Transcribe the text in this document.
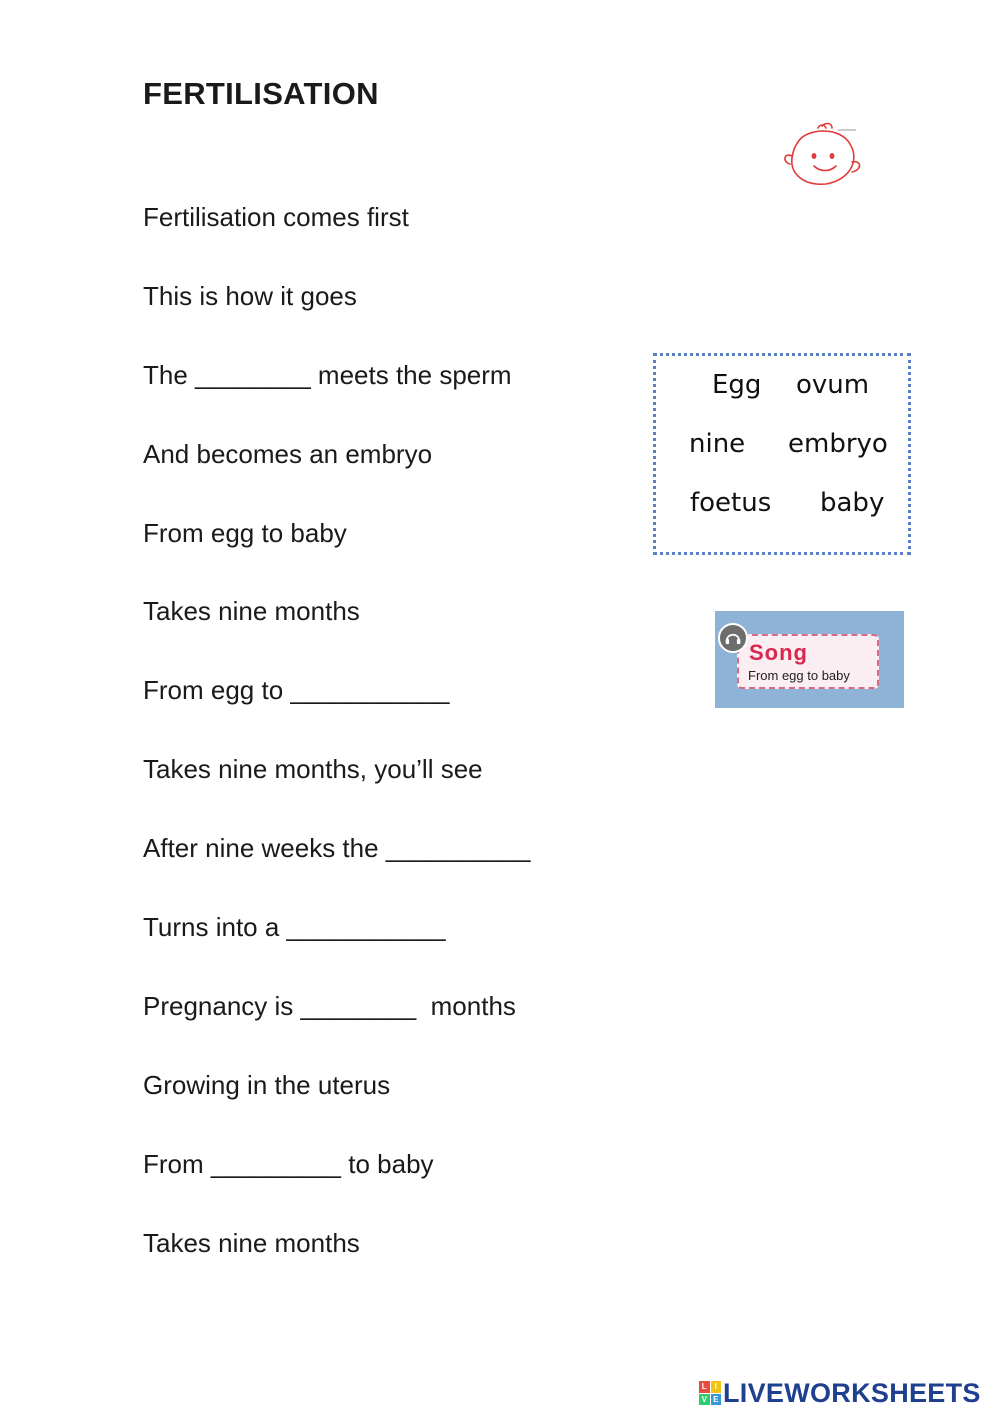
FERTILISATION
Fertilisation comes first
This is how it goes
The ________ meets the sperm
And becomes an embryo
From egg to baby
Takes nine months
From egg to ___________
Takes nine months, you’ll see
After nine weeks the __________
Turns into a ___________
Pregnancy is ________  months
Growing in the uterus
From _________ to baby
Takes nine months
Egg ovum
nine embryo
foetus baby
Song
From egg to baby
L I
V E LIVEWORKSHEETS
